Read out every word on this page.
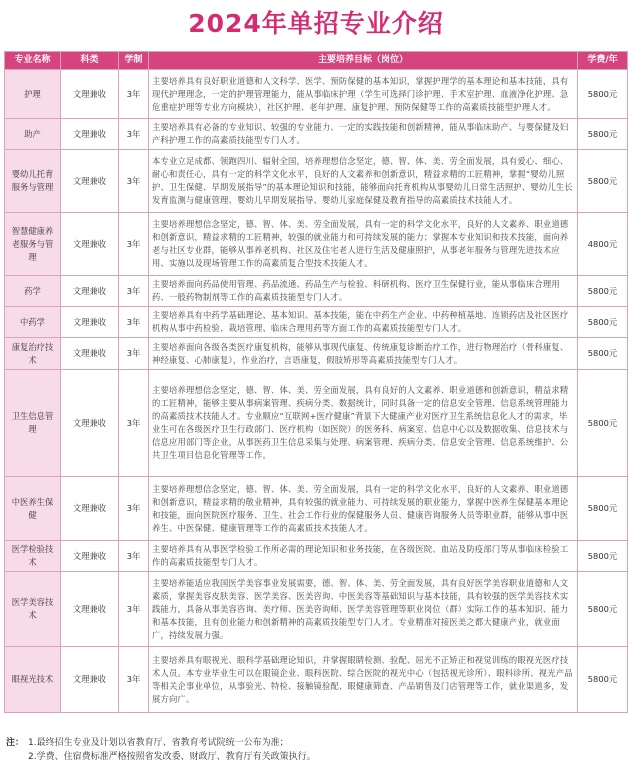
2024年单招专业介绍
专业名称	科类	学制	主要培养目标（岗位）	学费/年
护理	文理兼收	3年	主要培养具有良好职业道德和人文科学、医学、预防保健的基本知识，掌握护理学的基本理论和基本技能，具有现代护理理念，一定的护理管理能力，能从事临床护理（学生可选择门诊护理、手术室护理、血液净化护理、急危重症护理等专业方向模块），社区护理、老年护理、康复护理、预防保健等工作的高素质技能型护理人才。	5800元
助产	文理兼收	3年	主要培养具有必备的专业知识、较强的专业能力、一定的实践技能和创新精神，能从事临床助产、与婴保健及妇产科护理工作的高素质技能型专门人才。	5800元
婴幼儿托育服务与管理	文理兼收	3年	本专业立足成都、领跑四川、辐射全国，培养理想信念坚定，德、智、体、美、劳全面发展，具有爱心、细心、耐心和责任心，具有一定的科学文化水平，良好的人文素养和创新意识，精益求精的工匠精神，掌握“婴幼儿照护、卫生保健、早期发展指导”的基本理论知识和技能，能够面向托育机构从事婴幼儿日常生活照护、婴幼儿生长发育监测与健康管理、婴幼儿早期发展指导、婴幼儿家庭保健及教育指导的高素质技术技能人才。	5800元
智慧健康养老服务与管理	文理兼收	3年	主要培养理想信念坚定，德、智、体、美、劳全面发展，具有一定的科学文化水平，良好的人文素养、职业道德和创新意识，精益求精的工匠精神，较强的就业能力和可持续发展的能力；掌握本专业知识和技术技能，面向养老与社区专业群，能够从事养老机构、社区及住宅老人进行生活及健康照护，从事老年服务与管理先进技术应用、实施以及现场管理工作的高素质复合型技术技能人才。	4800元
药学	文理兼收	3年	主要培养面向药品使用管理、药品流通、药品生产与检验、科研机构、医疗卫生保健行业，能从事临床合理用药、一般药物制剂等工作的高素质技能型专门人才。	5800元
中药学	文理兼收	3年	主要培养具有中药学基础理论、基本知识、基本技能，能在中药生产企业、中药种植基地、连锁药店及社区医疗机构从事中药检验、栽培管理、临床合理用药等方面工作的高素质技能型专门人才。	5800元
康复治疗技术	文理兼收	3年	主要培养面向各级各类医疗康复机构，能够从事现代康复、传统康复诊断治疗工作，进行物理治疗（骨科康复、神经康复、心肺康复），作业治疗，言语康复，假肢矫形等高素质技能型专门人才。	5800元
卫生信息管理	文理兼收	3年	主要培养理想信念坚定，德、智、体、美、劳全面发展，具有良好的人文素养、职业道德和创新意识，精益求精的工匠精神，能够主要从事病案管理、疾病分类、数据统计，同时具备一定的信息安全管理、信息系统管理能力的高素质技术技能人才。专业顺应“互联网+医疗健康”背景下大健康产业对医疗卫生系统信息化人才的需求，毕业生可在各级医疗卫生行政部门、医疗机构（如医院）的医务科、病案室、信息中心以及数据收集、信息技术与信息应用部门等企业，从事医药卫生信息采集与处理、病案管理、疾病分类、信息安全管理、信息系统维护、公共卫生项目信息化管理等工作。	5800元
中医养生保健	文理兼收	3年	主要培养理想信念坚定，德、智、体、美、劳全面发展，具有一定的科学文化水平，良好的人文素养、职业道德和创新意识，精益求精的敬业精神，具有较强的就业能力、可持续发展的职业能力，掌握中医养生保健基本理论和技能，面向医院医疗服务、卫生、社会工作行业的保健服务人员、健康咨询服务人员等职业群，能够从事中医养生、中医保健、健康管理等工作的高素质技术技能人才。	5800元
医学检验技术	文理兼收	3年	主要培养具有从事医学检验工作所必需的理论知识和业务技能，在各级医院、血站及防疫部门等从事临床检验工作的高素质技能型专门人才。	5800元
医学美容技术	文理兼收	3年	主要培养能适应我国医学美容事业发展需要，德、智、体、美、劳全面发展，具有良好医学美容职业道德和人文素质，掌握美容皮肤美容、医学美容、医美咨询、中医美容等基础知识与基本技能，具有较强的医学美容技术实践能力，具备从事美容咨询、美疗师、医美咨询师、医学美容管理等职业岗位（群）实际工作的基本知识、能力和基本技能，且有创业能力和创新精神的高素质技能型专门人才。专业精准对接医美之都大健康产业，就业面广，持续发展力强。	5800元
眼视光技术	文理兼收	3年	主要培养具有眼视光、眼科学基础理论知识，并掌握眼睛检测、验配、屈光不正矫正和视觉训练的眼视光医疗技术人员。本专业毕业生可以在眼镜企业、眼科医院、综合医院的视光中心（包括视光诊所）、眼科诊所、视光产品等相关企事业单位，从事验光、特检、接触镜验配、眼健康筛查、产品销售及门店管理等工作，就业渠道多，发展方向广。	5800元
注： 1.最终招生专业及计划以省教育厅、省教育考试院统一公布为准；
2.学费、住宿费标准严格按照省发改委、财政厅、教育厅有关政策执行。
